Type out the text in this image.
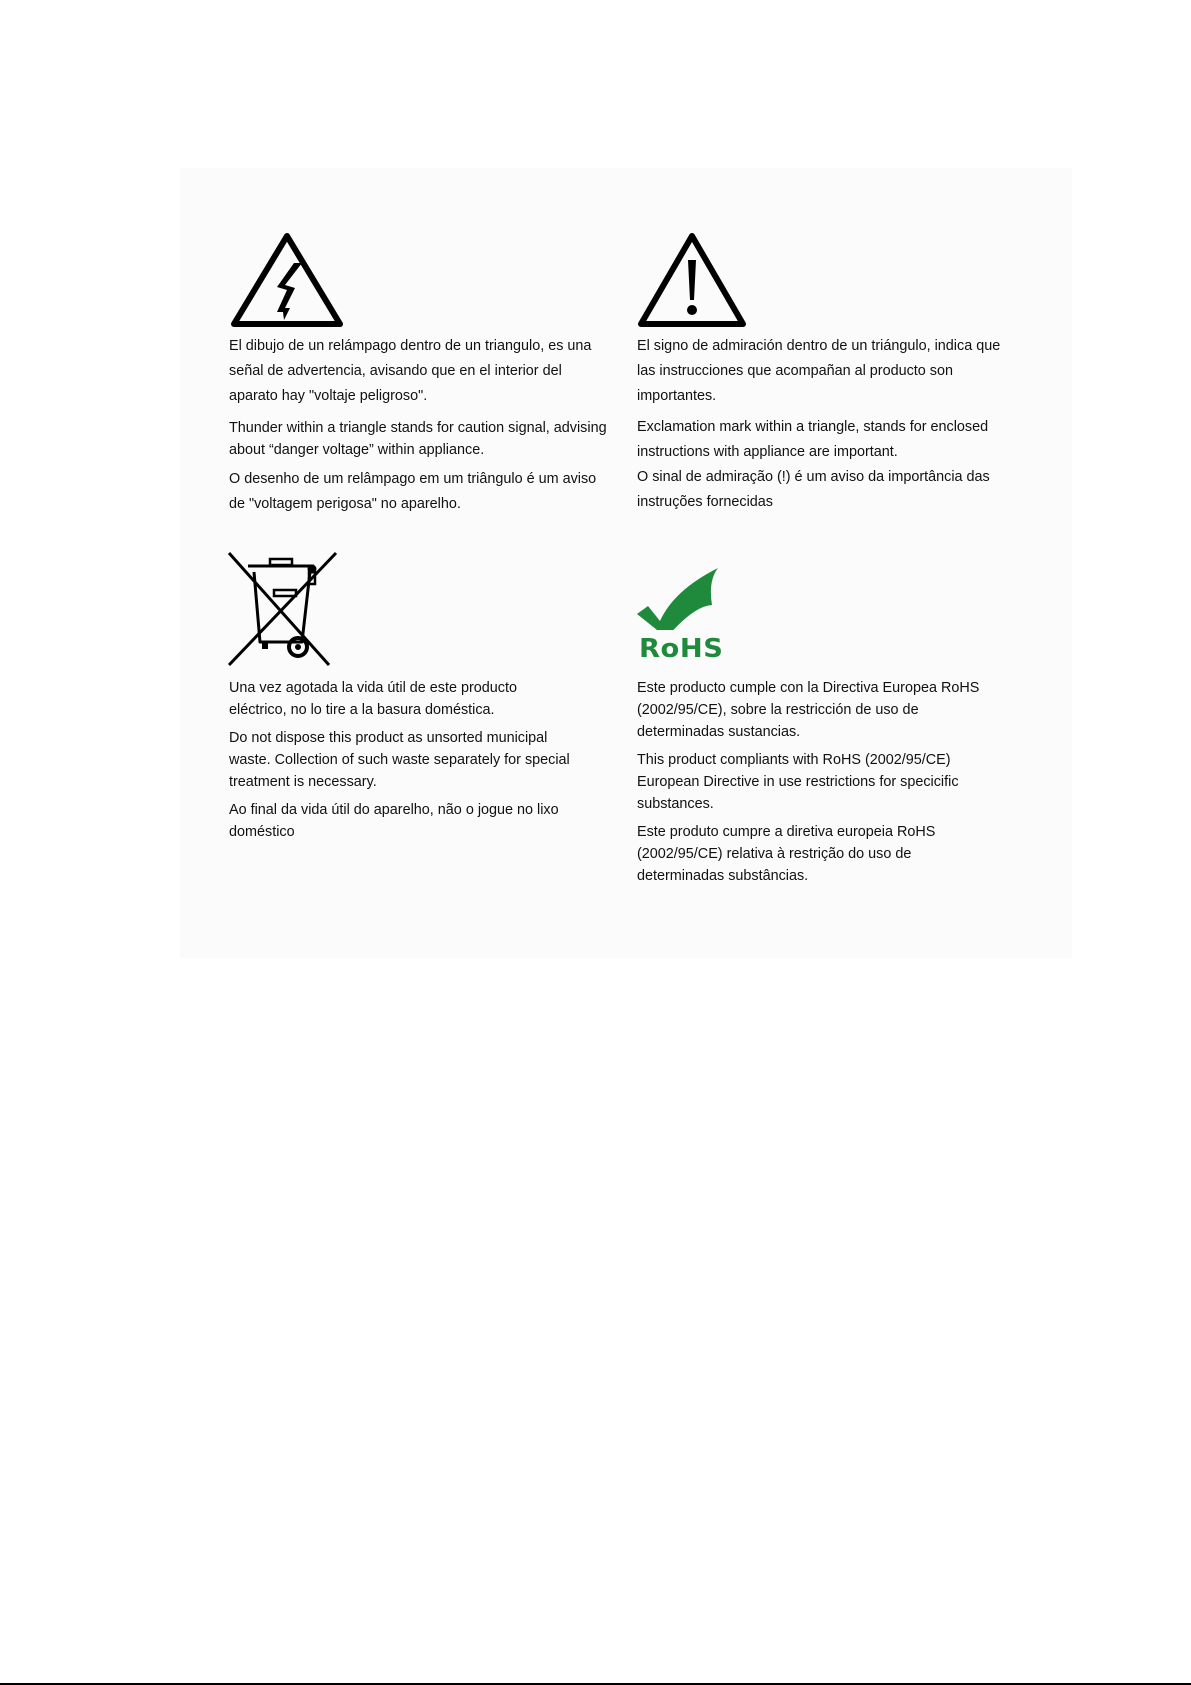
RoHS

El dibujo de un relámpago dentro de un triangulo, es una

señal de advertencia, avisando que en el interior del

aparato hay "voltaje peligroso".

Thunder within a triangle stands for caution signal, advising

about “danger voltage” within appliance.

O desenho de um relâmpago em um triângulo é um aviso

de "voltagem perigosa" no aparelho.

El signo de admiración dentro de un triángulo, indica que

las instrucciones que acompañan al producto son

importantes.

Exclamation mark within a triangle, stands for enclosed

instructions with appliance are important.

O sinal de admiração (!) é um aviso da importância das

instruções fornecidas

Una vez agotada la vida útil de este producto

eléctrico, no lo tire a la basura doméstica.

Do not dispose this product as unsorted municipal

waste. Collection of such waste separately for special

treatment is necessary.

Ao final da vida útil do aparelho, não o jogue no lixo

doméstico

Este producto cumple con la Directiva Europea RoHS

(2002/95/CE), sobre la restricción de uso de

determinadas sustancias.

This product compliants with RoHS (2002/95/CE)

European Directive in use restrictions for specicific

substances.

Este produto cumpre a diretiva europeia RoHS

(2002/95/CE) relativa à restrição do uso de

determinadas substâncias.
